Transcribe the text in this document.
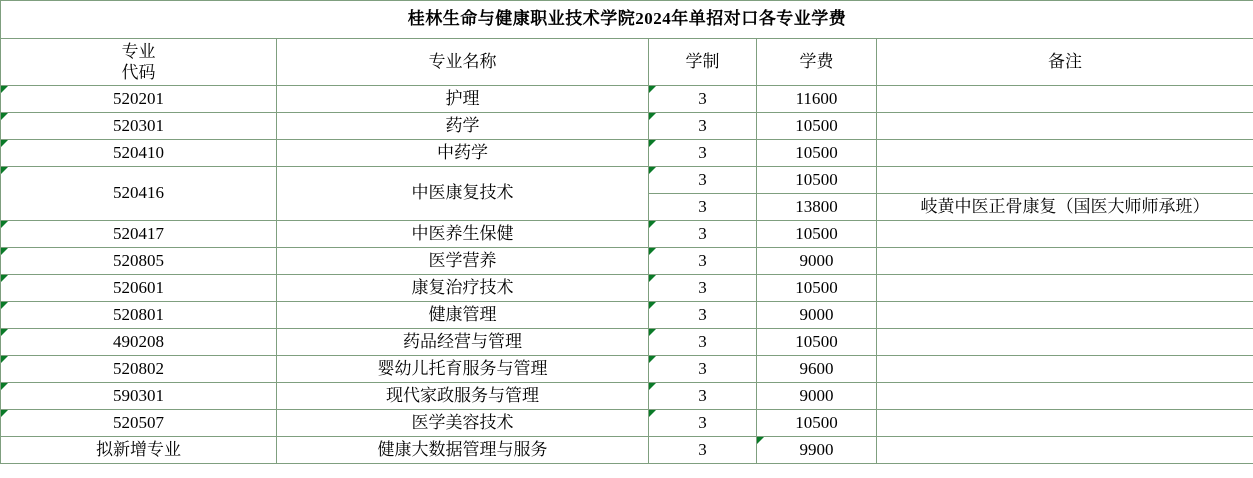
桂林生命与健康职业技术学院2024年单招对口各专业学费				

专业
代码	专业名称	学制	学费	备注
520201	护理	3	11600	
520301	药学	3	10500	
520410	中药学	3	10500	
520416	中医康复技术	3	10500	
		3	13800	岐黄中医正骨康复（国医大师师承班）
520417	中医养生保健	3	10500	
520805	医学营养	3	9000	
520601	康复治疗技术	3	10500	
520801	健康管理	3	9000	
490208	药品经营与管理	3	10500	
520802	婴幼儿托育服务与管理	3	9600	
590301	现代家政服务与管理	3	9000	
520507	医学美容技术	3	10500	
拟新增专业	健康大数据管理与服务	3	9900	
